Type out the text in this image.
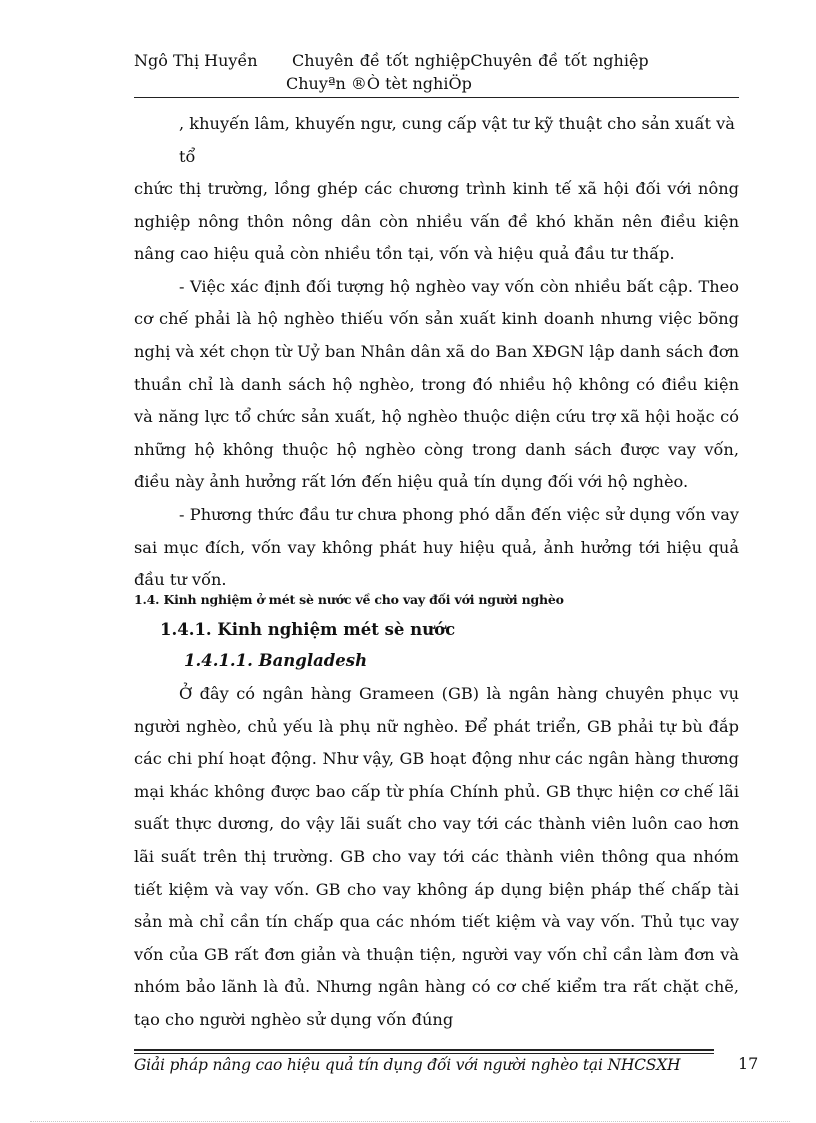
Ngô Thị Huyền Chuyên đề tốt nghiệpChuyên đề tốt nghiệp
Chuyªn ®Ò tèt nghiÖp
, khuyến lâm, khuyến ngư, cung cấp vật tư kỹ thuật cho sản xuất và tổ
chức thị trường, lồng ghép các chương trình kinh tế xã hội đối với nông nghiệp nông thôn nông dân còn nhiều vấn đề khó khăn nên điều kiện nâng cao hiệu quả còn nhiều tồn tại, vốn và hiệu quả đầu tư thấp.

- Việc xác định đối tượng hộ nghèo vay vốn còn nhiều bất cập. Theo cơ chế phải là hộ nghèo thiếu vốn sản xuất kinh doanh nhưng việc bõng nghị và xét chọn từ Uỷ ban Nhân dân xã do Ban XĐGN lập danh sách đơn thuần chỉ là danh sách hộ nghèo, trong đó nhiều hộ không có điều kiện và năng lực tổ chức sản xuất, hộ nghèo thuộc diện cứu trợ xã hội hoặc có những hộ không thuộc hộ nghèo còng trong danh sách được vay vốn, điều này ảnh hưởng rất lớn đến hiệu quả tín dụng đối với hộ nghèo.

- Phương thức đầu tư chưa phong phó dẫn đến việc sử dụng vốn vay sai mục đích, vốn vay không phát huy hiệu quả, ảnh hưởng tới hiệu quả đầu tư vốn.

1.4. Kinh nghiệm ở mét sè nước về cho vay đối với người nghèo
1.4.1. Kinh nghiệm mét sè nước
1.4.1.1. Bangladesh

Ở đây có ngân hàng Grameen (GB) là ngân hàng chuyên phục vụ người nghèo, chủ yếu là phụ nữ nghèo. Để phát triển, GB phải tự bù đắp các chi phí hoạt động. Như vậy, GB hoạt động như các ngân hàng thương mại khác không được bao cấp từ phía Chính phủ. GB thực hiện cơ chế lãi suất thực dương, do vậy lãi suất cho vay tới các thành viên luôn cao hơn lãi suất trên thị trường. GB cho vay tới các thành viên thông qua nhóm tiết kiệm và vay vốn. GB cho vay không áp dụng biện pháp thế chấp tài sản mà chỉ cần tín chấp qua các nhóm tiết kiệm và vay vốn. Thủ tục vay vốn của GB rất đơn giản và thuận tiện, người vay vốn chỉ cần làm đơn và nhóm bảo lãnh là đủ. Nhưng ngân hàng có cơ chế kiểm tra rất chặt chẽ, tạo cho người nghèo sử dụng vốn đúng

Giải pháp nâng cao hiệu quả tín dụng đối với người nghèo tại NHCSXH	17
